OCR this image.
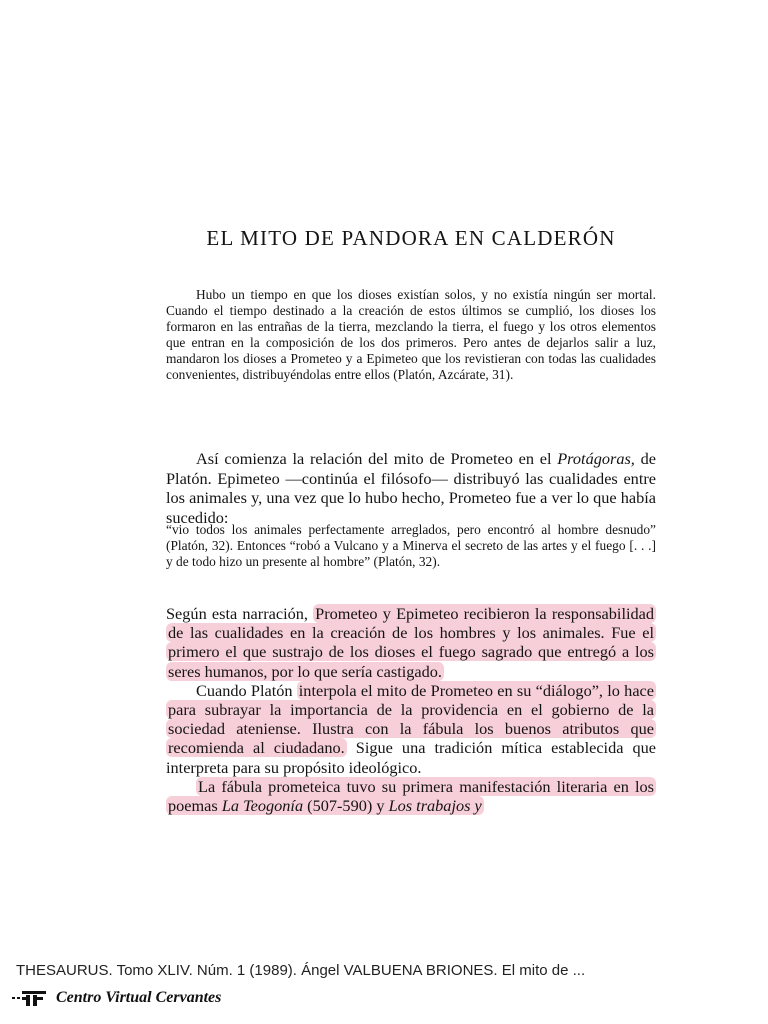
EL MITO DE PANDORA EN CALDERÓN

Hubo un tiempo en que los dioses existían solos, y no existía ningún ser mortal. Cuando el tiempo destinado a la creación de estos últimos se cumplió, los dioses los formaron en las entrañas de la tierra, mezclando la tierra, el fuego y los otros elementos que entran en la composición de los dos primeros. Pero antes de dejarlos salir a luz, mandaron los dioses a Prometeo y a Epimeteo que los revistieran con todas las cualidades convenientes, distribuyéndolas entre ellos (Platón, Azcárate, 31).

Así comienza la relación del mito de Prometeo en el Protágoras, de Platón. Epimeteo —continúa el filósofo— distribuyó las cualidades entre los animales y, una vez que lo hubo hecho, Prometeo fue a ver lo que había sucedido:

“vio todos los animales perfectamente arreglados, pero encontró al hombre desnudo” (Platón, 32). Entonces “robó a Vulcano y a Minerva el secreto de las artes y el fuego [. . .] y de todo hizo un presente al hombre” (Platón, 32).

Según esta narración, Prometeo y Epimeteo recibieron la responsabilidad de las cualidades en la creación de los hombres y los animales. Fue el primero el que sustrajo de los dioses el fuego sagrado que entregó a los seres humanos, por lo que sería castigado.

Cuando Platón interpola el mito de Prometeo en su “diálogo”, lo hace para subrayar la importancia de la providencia en el gobierno de la sociedad ateniense. Ilustra con la fábula los buenos atributos que recomienda al ciudadano. Sigue una tradición mítica establecida que interpreta para su propósito ideológico.

La fábula prometeica tuvo su primera manifestación literaria en los poemas La Teogonía (507-590) y Los trabajos y

THESAURUS. Tomo XLIV. Núm. 1 (1989). Ángel VALBUENA BRIONES. El mito de ...
Centro Virtual Cervantes
